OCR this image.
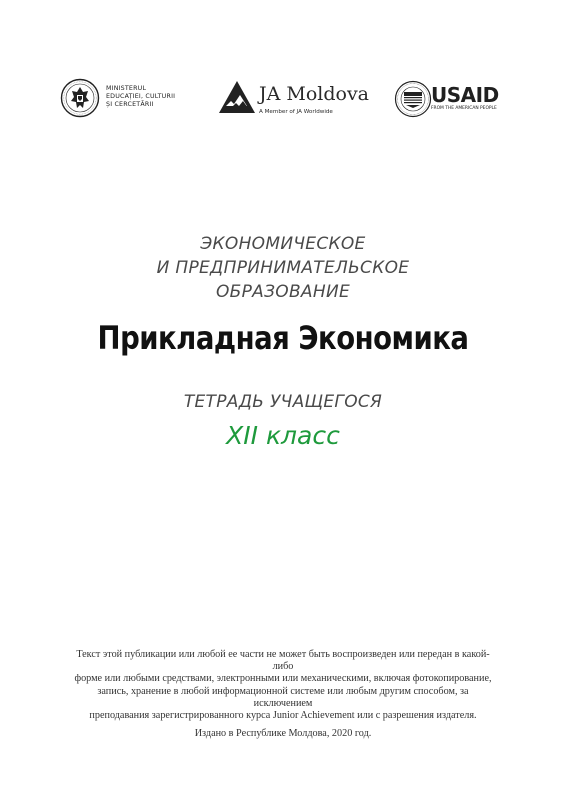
MINISTERUL
EDUCAȚIEI, CULTURII
ȘI CERCETĂRII	JA Moldova
A Member of JA Worldwide
USAID
FROM THE AMERICAN PEOPLE

ЭКОНОМИЧЕСКОЕ

И ПРЕДПРИНИМАТЕЛЬСКОЕ

ОБРАЗОВАНИЕ

Прикладная Экономика

ТЕТРАДЬ УЧАЩЕГОСЯ

XII класс

Текст этой публикации или любой ее части не может быть воспроизведен или передан в какой-либо
форме или любыми средствами, электронными или механическими, включая фотокопирование,
запись, хранение в любой информационной системе или любым другим способом, за исключением
преподавания зарегистрированного курса Junior Achievement или с разрешения издателя.

Издано в Республике Молдова, 2020 год.
